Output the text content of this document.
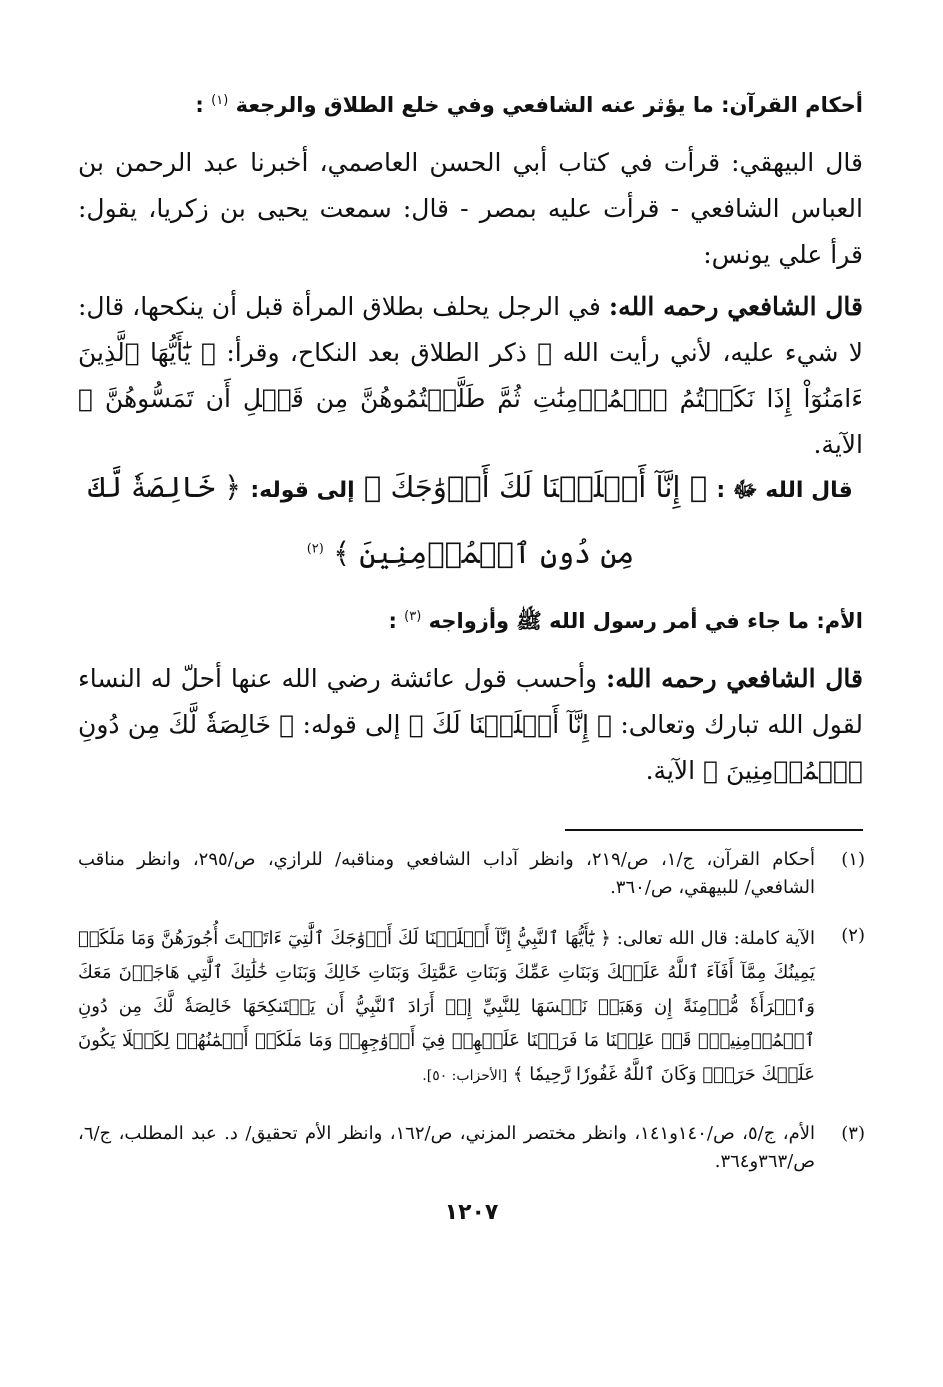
أحكام القرآن: ما يؤثر عنه الشافعي وفي خلع الطلاق والرجعة $^{(١)}$ :
قال البيهقي: قرأت في كتاب أبي الحسن العاصمي، أخبرنا عبد الرحمن بن العباس الشافعي - قرأت عليه بمصر - قال: سمعت يحيى بن زكريا، يقول: قرأ علي يونس:
قال الشافعي رحمه الله: في الرجل يحلف بطلاق المرأة قبل أن ينكحها، قال: لا شيء عليه، لأني رأيت الله ﷻ ذكر الطلاق بعد النكاح، وقرأ: ﴿ يَٰٓأَيُّهَا ٱلَّذِينَ ءَامَنُوٓاْ إِذَا نَكَحۡتُمُ ٱلۡمُؤۡمِنَٰتِ ثُمَّ طَلَّقۡتُمُوهُنَّ مِن قَبۡلِ أَن تَمَسُّوهُنَّ ﴾ الآية.
قال الله ﷻ : ﴿ إِنَّآ أَحۡلَلۡنَا لَكَ أَزۡوَٰجَكَ ﴾ إلى قوله: ﴿ خَالِصَةٗ لَّكَ مِن دُونِ ٱلۡمُؤۡمِنِينَ ﴾ $^{(٢)}$
الأم: ما جاء في أمر رسول الله ﷺ وأزواجه $^{(٣)}$ :
قال الشافعي رحمه الله: وأحسب قول عائشة رضي الله عنها أحلّ له النساء لقول الله تبارك وتعالى: ﴿ إِنَّآ أَحۡلَلۡنَا لَكَ ﴾ إلى قوله: ﴿ خَالِصَةٗ لَّكَ مِن دُونِ ٱلۡمُؤۡمِنِينَ ﴾ الآية.
(١)
أحكام القرآن، ج/١، ص/٢١٩، وانظر آداب الشافعي ومناقبه/ للرازي، ص/٢٩٥، وانظر مناقب الشافعي/ للبيهقي، ص/٣٦٠.
(٢)
الآية كاملة: قال الله تعالى: ﴿ يَٰٓأَيُّهَا ٱلنَّبِيُّ إِنَّآ أَحۡلَلۡنَا لَكَ أَزۡوَٰجَكَ ٱلَّٰتِيٓ ءَاتَيۡتَ أُجُورَهُنَّ وَمَا مَلَكَتۡ يَمِينُكَ مِمَّآ أَفَآءَ ٱللَّهُ عَلَيۡكَ وَبَنَاتِ عَمِّكَ وَبَنَاتِ عَمَّٰتِكَ وَبَنَاتِ خَالِكَ وَبَنَاتِ خَٰلَٰتِكَ ٱلَّٰتِي هَاجَرۡنَ مَعَكَ وَٱمۡرَأَةٗ مُّؤۡمِنَةً إِن وَهَبَتۡ نَفۡسَهَا لِلنَّبِيِّ إِنۡ أَرَادَ ٱلنَّبِيُّ أَن يَسۡتَنكِحَهَا خَالِصَةٗ لَّكَ مِن دُونِ ٱلۡمُؤۡمِنِينَۗ قَدۡ عَلِمۡنَا مَا فَرَضۡنَا عَلَيۡهِمۡ فِيٓ أَزۡوَٰجِهِمۡ وَمَا مَلَكَتۡ أَيۡمَٰنُهُمۡ لِكَيۡلَا يَكُونَ عَلَيۡكَ حَرَجٞۗ وَكَانَ ٱللَّهُ غَفُورٗا رَّحِيمٗا ﴾ [الأحزاب: ٥٠].
(٣)
الأم، ج/٥، ص/١٤٠و١٤١، وانظر مختصر المزني، ص/١٦٢، وانظر الأم تحقيق/ د. عبد المطلب، ج/٦، ص/٣٦٣و٣٦٤.
١٢٠٧
